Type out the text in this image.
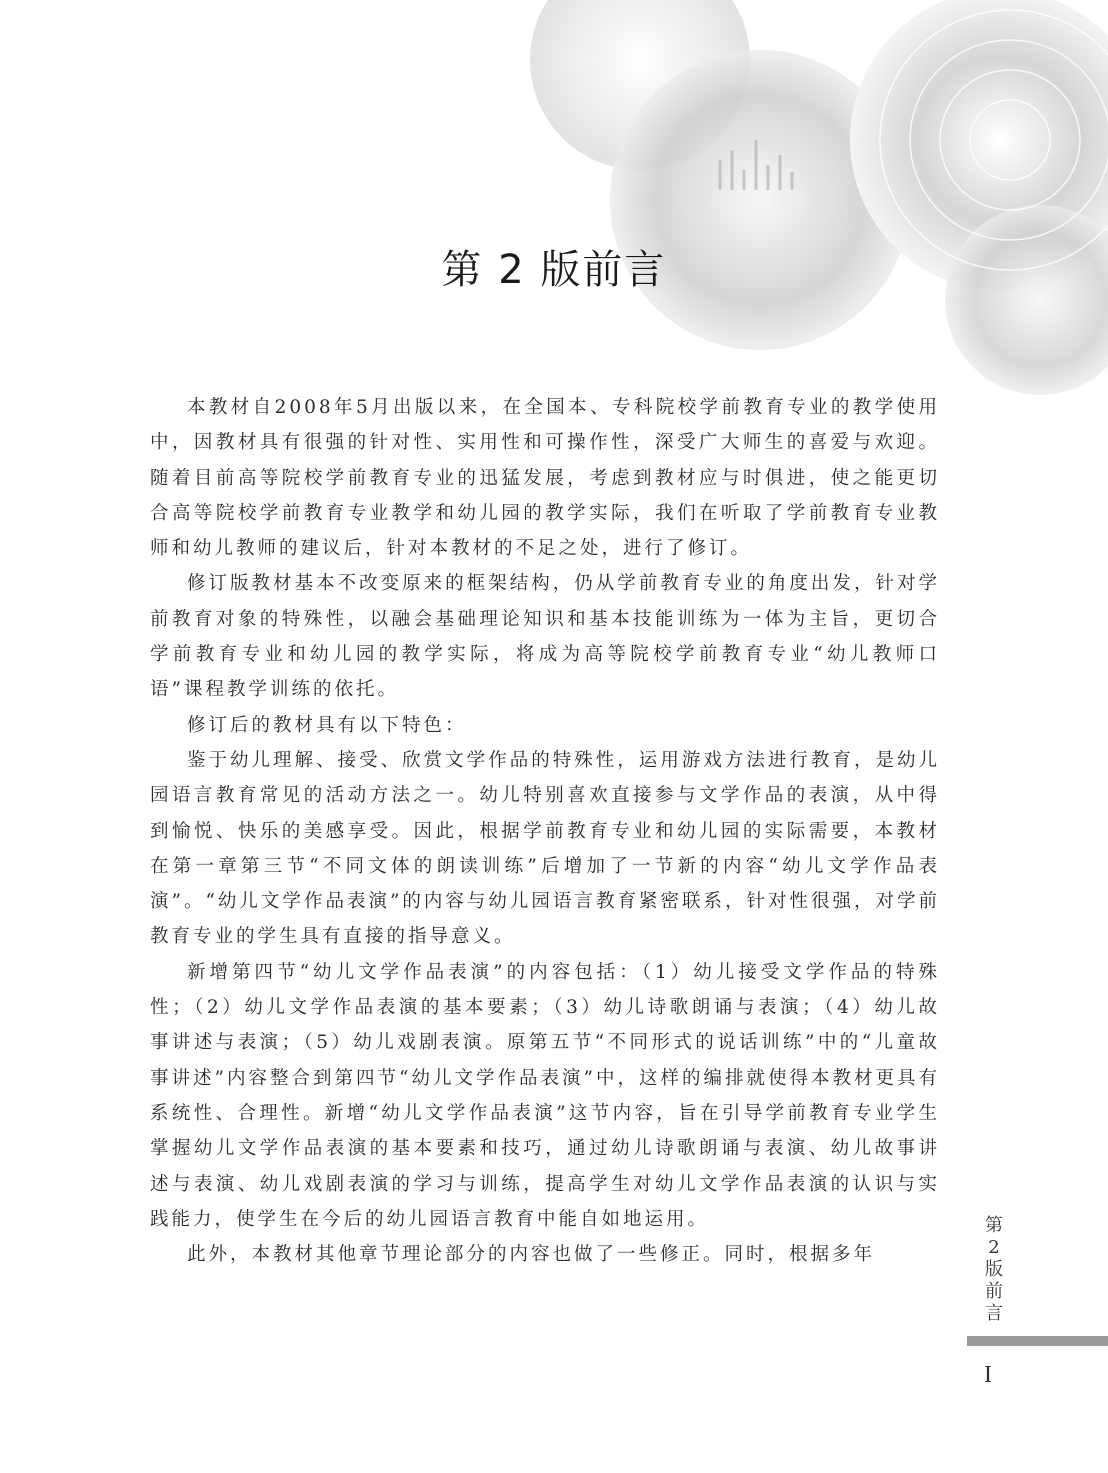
第 2 版前言

本教材自2008年5月出版以来，在全国本、专科院校学前教育专业的教学使用中，因教材具有很强的针对性、实用性和可操作性，深受广大师生的喜爱与欢迎。随着目前高等院校学前教育专业的迅猛发展，考虑到教材应与时俱进，使之能更切合高等院校学前教育专业教学和幼儿园的教学实际，我们在听取了学前教育专业教师和幼儿教师的建议后，针对本教材的不足之处，进行了修订。

修订版教材基本不改变原来的框架结构，仍从学前教育专业的角度出发，针对学前教育对象的特殊性，以融会基础理论知识和基本技能训练为一体为主旨，更切合学前教育专业和幼儿园的教学实际，将成为高等院校学前教育专业“幼儿教师口语”课程教学训练的依托。

修订后的教材具有以下特色：

鉴于幼儿理解、接受、欣赏文学作品的特殊性，运用游戏方法进行教育，是幼儿园语言教育常见的活动方法之一。幼儿特别喜欢直接参与文学作品的表演，从中得到愉悦、快乐的美感享受。因此，根据学前教育专业和幼儿园的实际需要，本教材在第一章第三节“不同文体的朗读训练”后增加了一节新的内容“幼儿文学作品表演”。“幼儿文学作品表演”的内容与幼儿园语言教育紧密联系，针对性很强，对学前教育专业的学生具有直接的指导意义。

新增第四节“幼儿文学作品表演”的内容包括：（1）幼儿接受文学作品的特殊性；（2）幼儿文学作品表演的基本要素；（3）幼儿诗歌朗诵与表演；（4）幼儿故事讲述与表演；（5）幼儿戏剧表演。原第五节“不同形式的说话训练”中的“儿童故事讲述”内容整合到第四节“幼儿文学作品表演”中，这样的编排就使得本教材更具有系统性、合理性。新增“幼儿文学作品表演”这节内容，旨在引导学前教育专业学生掌握幼儿文学作品表演的基本要素和技巧，通过幼儿诗歌朗诵与表演、幼儿故事讲述与表演、幼儿戏剧表演的学习与训练，提高学生对幼儿文学作品表演的认识与实践能力，使学生在今后的幼儿园语言教育中能自如地运用。

此外，本教材其他章节理论部分的内容也做了一些修正。同时，根据多年

第
2
版
前
言
I
